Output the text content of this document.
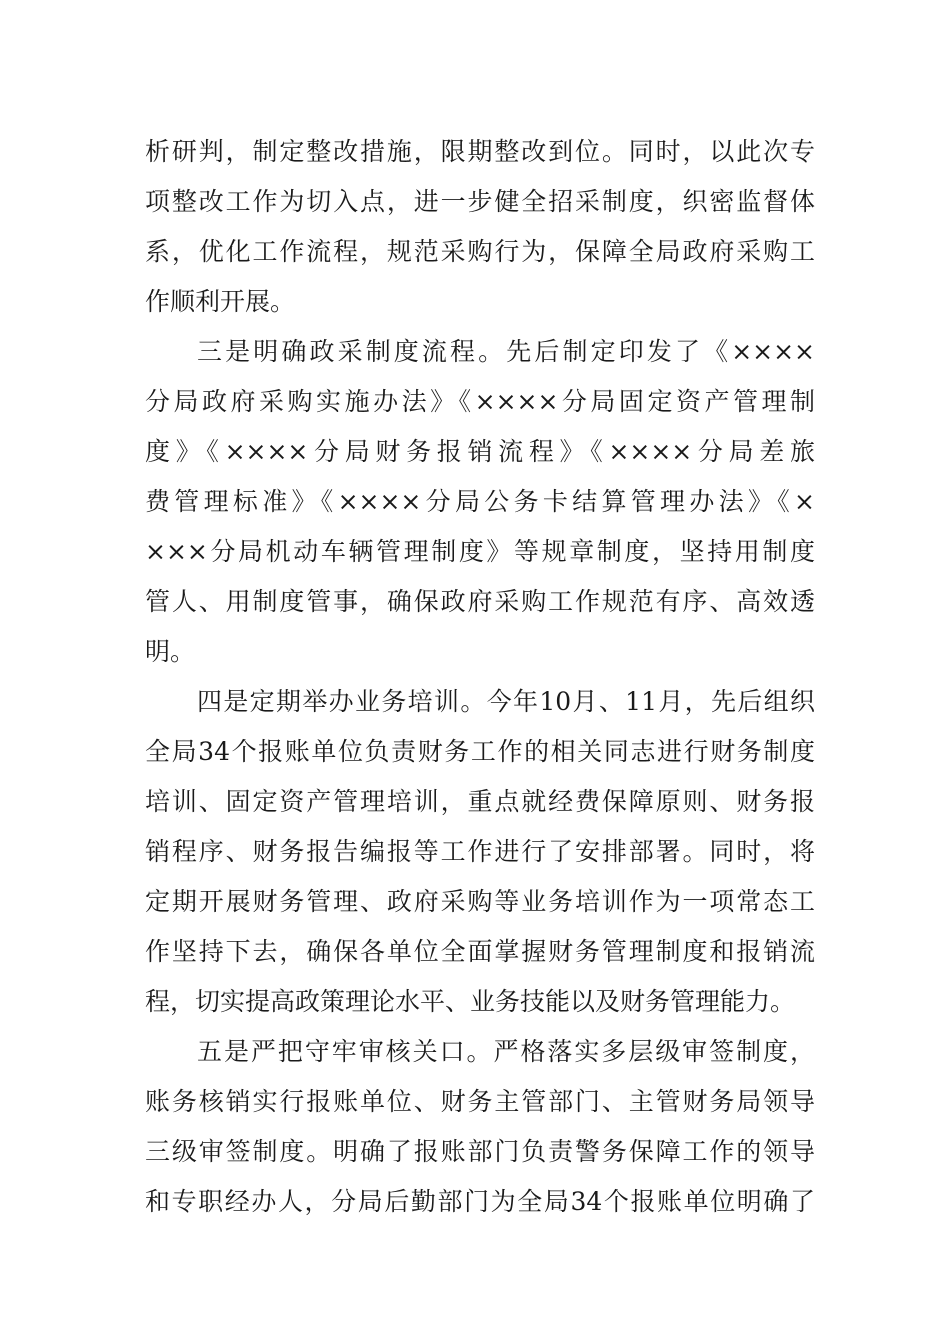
析研判，制定整改措施，限期整改到位。同时，以此次专
项整改工作为切入点，进一步健全招采制度，织密监督体
系，优化工作流程，规范采购行为，保障全局政府采购工
作顺利开展。
三是明确政采制度流程。先后制定印发了《××××
分局政府采购实施办法》《××××分局固定资产管理制
度》《××××分局财务报销流程》《××××分局差旅
费管理标准》《××××分局公务卡结算管理办法》《×
×××分局机动车辆管理制度》等规章制度，坚持用制度
管人、用制度管事，确保政府采购工作规范有序、高效透
明。
四是定期举办业务培训。今年10月、11月，先后组织
全局34个报账单位负责财务工作的相关同志进行财务制度
培训、固定资产管理培训，重点就经费保障原则、财务报
销程序、财务报告编报等工作进行了安排部署。同时，将
定期开展财务管理、政府采购等业务培训作为一项常态工
作坚持下去，确保各单位全面掌握财务管理制度和报销流
程，切实提高政策理论水平、业务技能以及财务管理能力。
五是严把守牢审核关口。严格落实多层级审签制度，
账务核销实行报账单位、财务主管部门、主管财务局领导
三级审签制度。明确了报账部门负责警务保障工作的领导
和专职经办人，分局后勤部门为全局34个报账单位明确了
